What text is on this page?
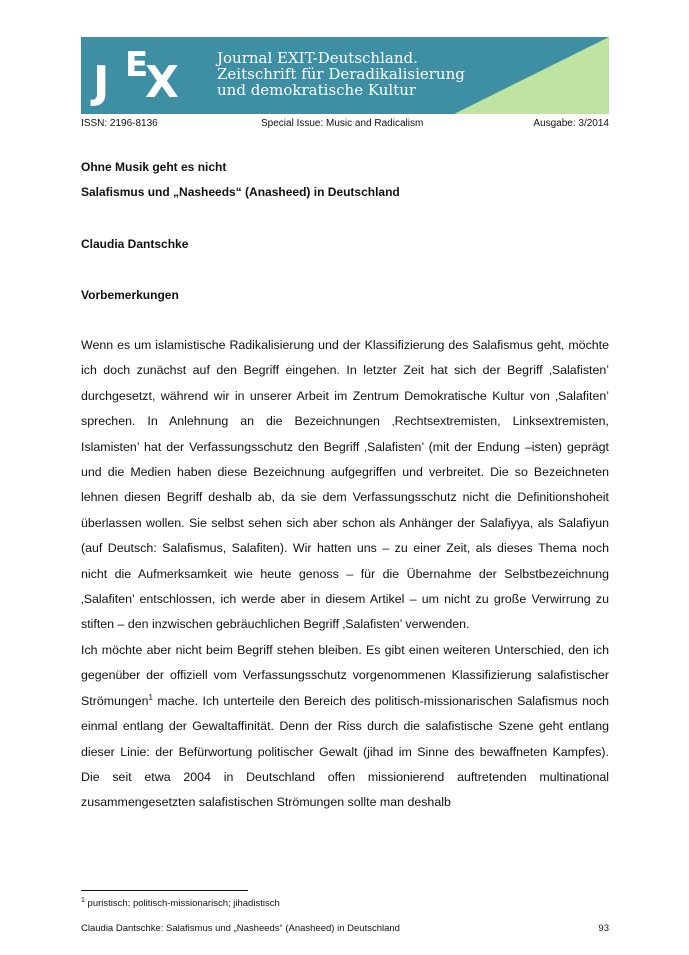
J E
X	Journal EXIT-Deutschland.
Zeitschrift für Deradikalisierung
und demokratische Kultur
ISSN: 2196-8136	Special Issue: Music and Radicalism	Ausgabe: 3/2014
Ohne Musik geht es nicht
Salafismus und „Nasheeds“ (Anasheed) in Deutschland
Claudia Dantschke
Vorbemerkungen

Wenn es um islamistische Radikalisierung und der Klassifizierung des Salafismus geht, möchte ich doch zunächst auf den Begriff eingehen. In letzter Zeit hat sich der Begriff ‚Salafisten’ durchgesetzt, während wir in unserer Arbeit im Zentrum Demokratische Kultur von ‚Salafiten’ sprechen. In Anlehnung an die Bezeichnungen ‚Rechtsextremisten, Linksextremisten, Islamisten’ hat der Verfassungsschutz den Begriff ‚Salafisten’ (mit der Endung –isten) geprägt und die Medien haben diese Bezeichnung aufgegriffen und verbreitet. Die so Bezeichneten lehnen diesen Begriff deshalb ab, da sie dem Verfassungsschutz nicht die Definitionshoheit überlassen wollen. Sie selbst sehen sich aber schon als Anhänger der Salafiyya, als Salafiyun (auf Deutsch: Salafismus, Salafiten). Wir hatten uns – zu einer Zeit, als dieses Thema noch nicht die Aufmerksamkeit wie heute genoss – für die Übernahme der Selbstbezeichnung ‚Salafiten’ entschlossen, ich werde aber in diesem Artikel – um nicht zu große Verwirrung zu stiften – den inzwischen gebräuchlichen Begriff ‚Salafisten’ verwenden.

Ich möchte aber nicht beim Begriff stehen bleiben. Es gibt einen weiteren Unterschied, den ich gegenüber der offiziell vom Verfassungsschutz vorgenommenen Klassifizierung salafistischer Strömungen$^1$ mache. Ich unterteile den Bereich des politisch-missionarischen Salafismus noch einmal entlang der Gewaltaffinität. Denn der Riss durch die salafistische Szene geht entlang dieser Linie: der Befürwortung politischer Gewalt (jihad im Sinne des bewaffneten Kampfes). Die seit etwa 2004 in Deutschland offen missionierend auftretenden multinational zusammengesetzten salafistischen Strömungen sollte man deshalb

$^1$ puristisch; politisch-missionarisch; jihadistisch
Claudia Dantschke: Salafismus und „Nasheeds“ (Anasheed) in Deutschland	93
